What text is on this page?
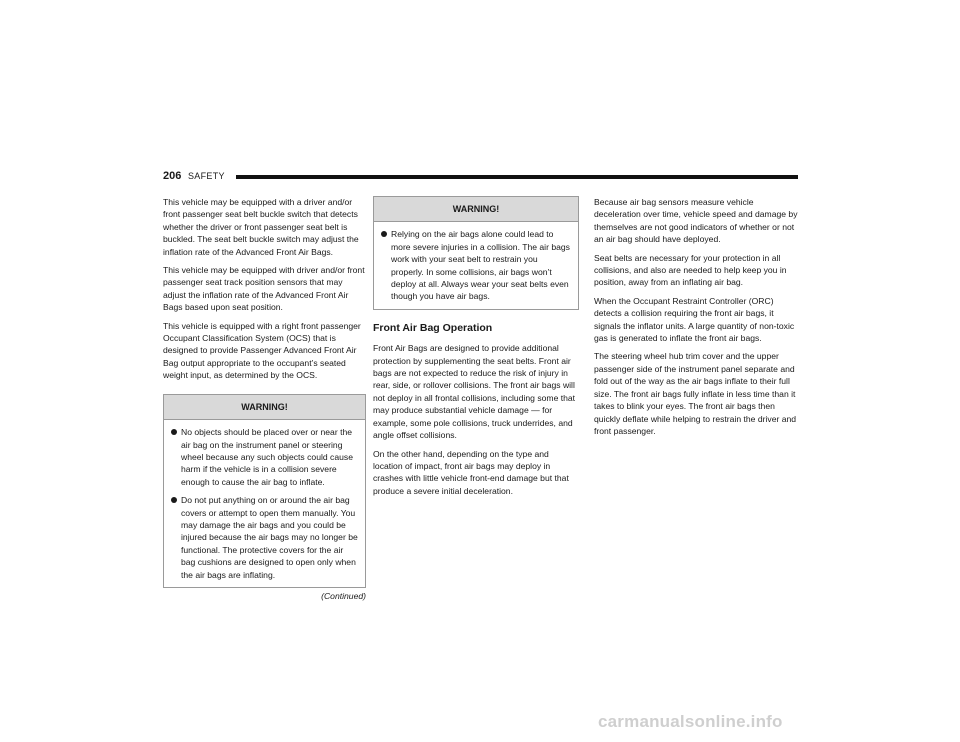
206 SAFETY

This vehicle may be equipped with a driver and/or front passenger seat belt buckle switch that detects whether the driver or front passenger seat belt is buckled. The seat belt buckle switch may adjust the inflation rate of the Advanced Front Air Bags.

This vehicle may be equipped with driver and/or front passenger seat track position sensors that may adjust the inflation rate of the Advanced Front Air Bags based upon seat position.

This vehicle is equipped with a right front passenger Occupant Classification System (OCS) that is designed to provide Passenger Advanced Front Air Bag output appropriate to the occupant’s seated weight input, as determined by the OCS.

WARNING!
No objects should be placed over or near the air bag on the instrument panel or steering wheel because any such objects could cause harm if the vehicle is in a collision severe enough to cause the air bag to inflate.
Do not put anything on or around the air bag covers or attempt to open them manually. You may damage the air bags and you could be injured because the air bags may no longer be functional. The protective covers for the air bag cushions are designed to open only when the air bags are inflating.
(Continued)
WARNING!
Relying on the air bags alone could lead to more severe injuries in a collision. The air bags work with your seat belt to restrain you properly. In some collisions, air bags won’t deploy at all. Always wear your seat belts even though you have air bags.
Front Air Bag Operation

Front Air Bags are designed to provide additional protection by supplementing the seat belts. Front air bags are not expected to reduce the risk of injury in rear, side, or rollover collisions. The front air bags will not deploy in all frontal collisions, including some that may produce substantial vehicle damage — for example, some pole collisions, truck underrides, and angle offset collisions.

On the other hand, depending on the type and location of impact, front air bags may deploy in crashes with little vehicle front-end damage but that produce a severe initial deceleration.

Because air bag sensors measure vehicle deceleration over time, vehicle speed and damage by themselves are not good indicators of whether or not an air bag should have deployed.

Seat belts are necessary for your protection in all collisions, and also are needed to help keep you in position, away from an inflating air bag.

When the Occupant Restraint Controller (ORC) detects a collision requiring the front air bags, it signals the inflator units. A large quantity of non-toxic gas is generated to inflate the front air bags.

The steering wheel hub trim cover and the upper passenger side of the instrument panel separate and fold out of the way as the air bags inflate to their full size. The front air bags fully inflate in less time than it takes to blink your eyes. The front air bags then quickly deflate while helping to restrain the driver and front passenger.

carmanualsonline.info
